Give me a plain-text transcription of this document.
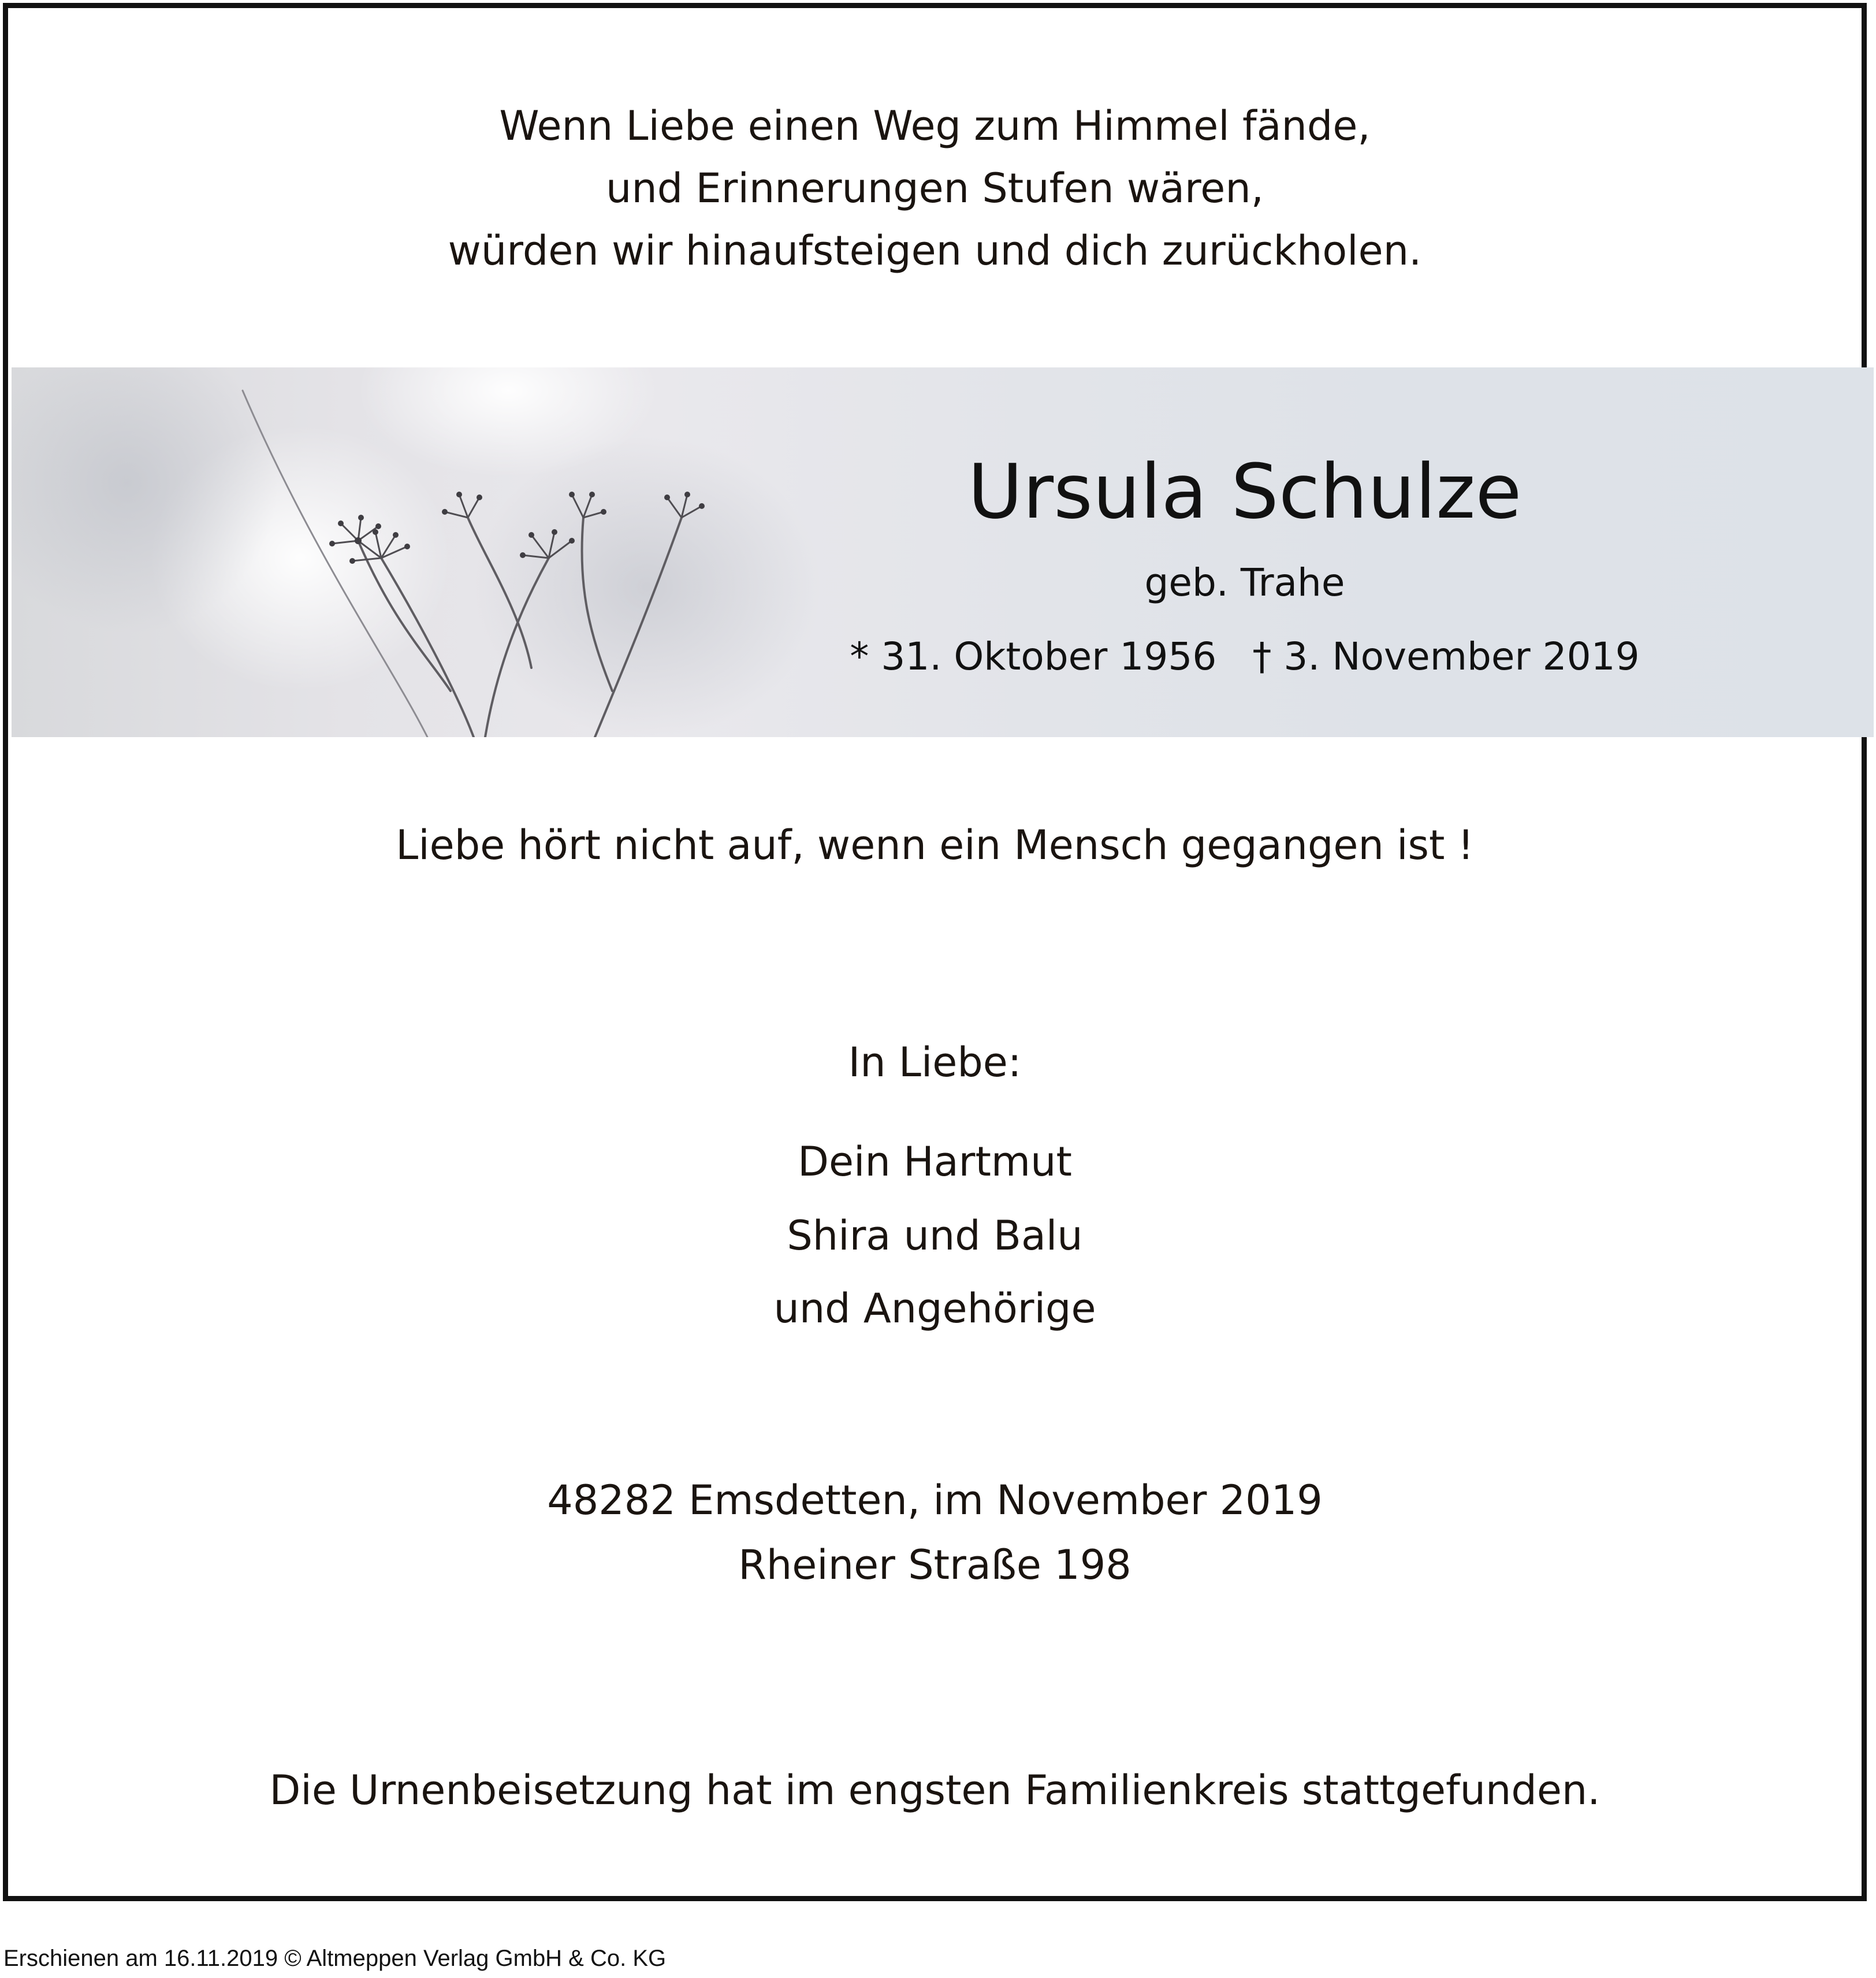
Wenn Liebe einen Weg zum Himmel fände,
und Erinnerungen Stufen wären,
würden wir hinaufsteigen und dich zurückholen.
Ursula Schulze
geb. Trahe
* 31. Oktober 1956 † 3. November 2019
Liebe hört nicht auf, wenn ein Mensch gegangen ist !
In Liebe:
Dein Hartmut
Shira und Balu
und Angehörige
48282 Emsdetten, im November 2019
Rheiner Straße 198
Die Urnenbeisetzung hat im engsten Familienkreis stattgefunden.
Erschienen am 16.11.2019 © Altmeppen Verlag GmbH & Co. KG
